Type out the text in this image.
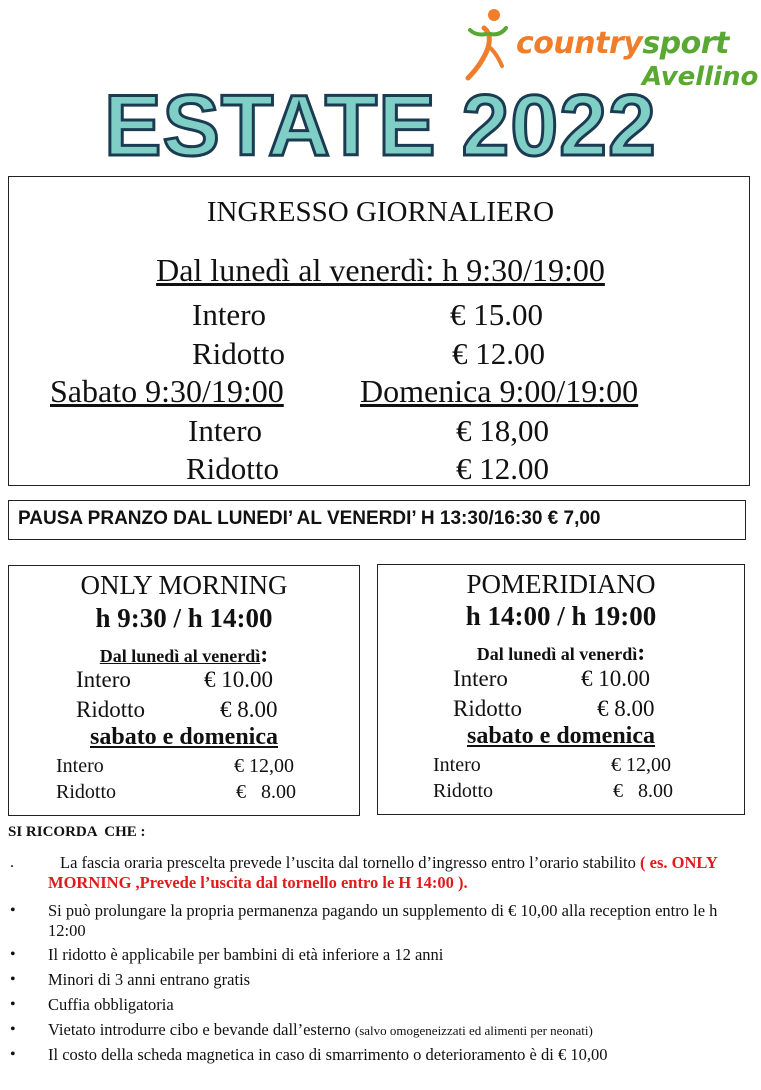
countrysport
Avellino
ESTATE 2022
INGRESSO GIORNALIERO
Dal lunedì al venerdì: h 9:30/19:00
Intero	€ 15.00
Ridotto	€ 12.00
Sabato 9:30/19:00 Domenica 9:00/19:00
Intero	€ 18,00
Ridotto	€ 12.00
PAUSA PRANZO DAL LUNEDI’ AL VENERDI’ H 13:30/16:30 € 7,00
ONLY MORNING
h 9:30 / h 14:00
Dal lunedì al venerdì:
Intero	€ 10.00
Ridotto	€ 8.00
sabato e domenica
Intero	€ 12,00
Ridotto	€   8.00
POMERIDIANO
h 14:00 / h 19:00
Dal lunedì al venerdì:
Intero	€ 10.00
Ridotto	€ 8.00
sabato e domenica
Intero	€ 12,00
Ridotto	€   8.00
SI RICORDA  CHE :
.	La fascia oraria prescelta prevede l’uscita dal tornello d’ingresso entro l’orario stabilito ( es. ONLY MORNING ,Prevede l’uscita dal tornello entro le H 14:00 ).
• Si può prolungare la propria permanenza pagando un supplemento di € 10,00 alla reception entro le h 12:00
• Il ridotto è applicabile per bambini di età inferiore a 12 anni
• Minori di 3 anni entrano gratis
• Cuffia obbligatoria
• Vietato introdurre cibo e bevande dall’esterno (salvo omogeneizzati ed alimenti per neonati)
• Il costo della scheda magnetica in caso di smarrimento o deterioramento è di € 10,00
